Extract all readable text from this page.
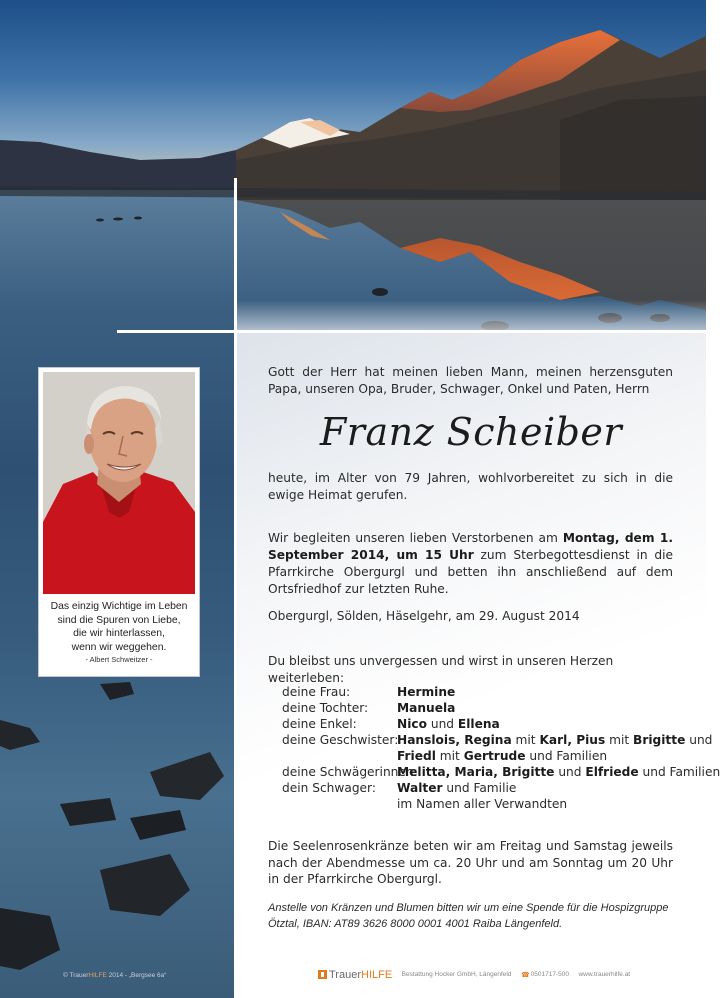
Das einzig Wichtige im Leben
sind die Spuren von Liebe,
die wir hinterlassen,
wenn wir weggehen.
- Albert Schweitzer -
Gott der Herr hat meinen lieben Mann, meinen herzensguten Papa, unseren Opa, Bruder, Schwager, Onkel und Paten, Herrn
Franz Scheiber
heute, im Alter von 79 Jahren, wohlvorbereitet zu sich in die ewige Heimat gerufen.
Wir begleiten unseren lieben Verstorbenen am Montag, dem 1. September 2014, um 15 Uhr zum Sterbegottesdienst in die Pfarrkirche Obergurgl und betten ihn anschließend auf dem Ortsfriedhof zur letzten Ruhe.
Obergurgl, Sölden, Häselgehr, am 29. August 2014
Du bleibst uns unvergessen und wirst in unseren Herzen weiterleben:
deine Frau:	Hermine
deine Tochter: Manuela
deine Enkel:	Nico und Ellena
deine Geschwister:
Hanslois, Regina mit Karl, Pius mit Brigitte und
Friedl mit Gertrude und Familien
deine Schwägerinnen:
Melitta, Maria, Brigitte und Elfriede und Familien
dein Schwager: Walter und Familie
im Namen aller Verwandten
Die Seelenrosenkränze beten wir am Freitag und Samstag jeweils nach der Abendmesse um ca. 20 Uhr und am Sonntag um 20 Uhr in der Pfarrkirche Obergurgl.
Anstelle von Kränzen und Blumen bitten wir um eine Spende für die Hospizgruppe Ötztal, IBAN: AT89 3626 8000 0001 4001 Raiba Längenfeld.
© TrauerHILFE 2014 - „Bergsee 6a“	TrauerHILFE Bestattung Hocker GmbH, Längenfeld ☎0501717-500 www.trauerhilfe.at
